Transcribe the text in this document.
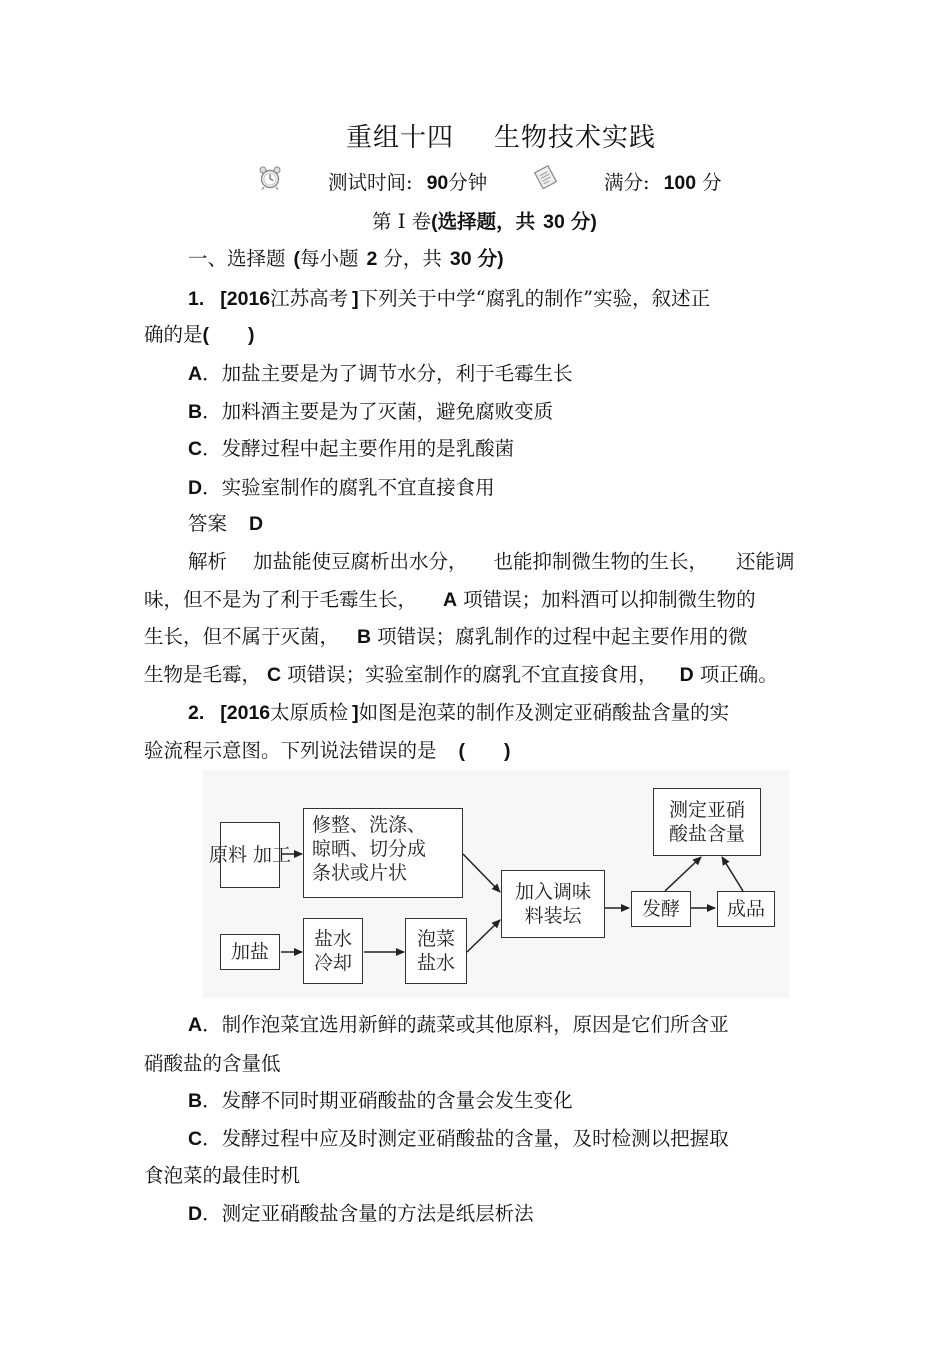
重组十四 生物技术实践
测试时间: 90分钟	满分: 100 分
第 Ⅰ 卷(选择题，共 30 分)
一、选择题 (每小题 2 分，共 30 分)
1. [2016江苏高考 ]下列关于中学“腐乳的制作”实验，叙述正
确的是(　　)
A．加盐主要是为了调节水分，利于毛霉生长
B．加料酒主要是为了灭菌，避免腐败变质
C．发酵过程中起主要作用的是乳酸菌
D．实验室制作的腐乳不宜直接食用
答案 D
解析 加盐能使豆腐析出水分， 也能抑制微生物的生长， 还能调
味，但不是为了利于毛霉生长， A 项错误；加料酒可以抑制微生物的
生长，但不属于灭菌， B 项错误；腐乳制作的过程中起主要作用的微
生物是毛霉， C 项错误；实验室制作的腐乳不宜直接食用， D 项正确。
2. [2016太原质检 ]如图是泡菜的制作及测定亚硝酸盐含量的实
验流程示意图。下列说法错误的是 (　　)
原料 加工
修整、洗涤、
晾晒、切分成
条状或片状
加盐
盐水
冷却
泡菜
盐水
加入调味
料装坛	发酵	成品
测定亚硝
酸盐含量
A．制作泡菜宜选用新鲜的蔬菜或其他原料，原因是它们所含亚
硝酸盐的含量低
B．发酵不同时期亚硝酸盐的含量会发生变化
C．发酵过程中应及时测定亚硝酸盐的含量，及时检测以把握取
食泡菜的最佳时机
D．测定亚硝酸盐含量的方法是纸层析法
